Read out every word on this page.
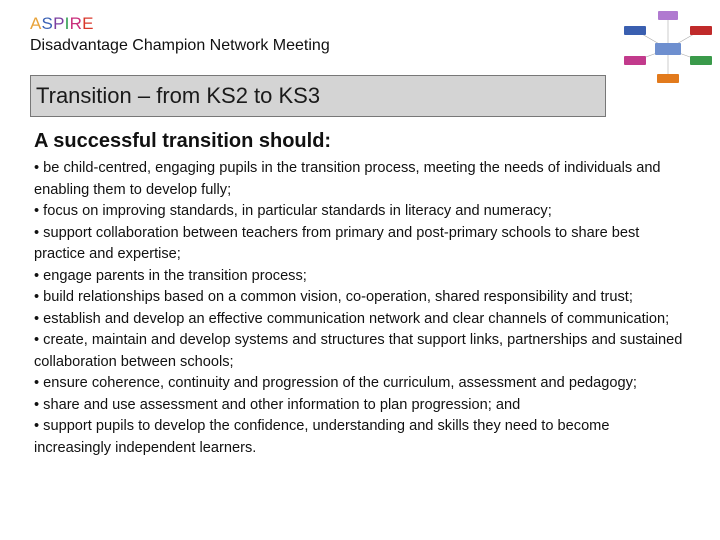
ASPIRE
Disadvantage Champion Network Meeting
Transition – from KS2 to KS3
A successful transition should:
• be child-centred, engaging pupils in the transition process, meeting the needs of individuals and enabling them to develop fully;
• focus on improving standards, in particular standards in literacy and numeracy;
• support collaboration between teachers from primary and post-primary schools to share best practice and expertise;
• engage parents in the transition process;
• build relationships based on a common vision, co-operation, shared responsibility and trust;
• establish and develop an effective communication network and clear channels of communication;
• create, maintain and develop systems and structures that support links, partnerships and sustained collaboration between schools;
• ensure coherence, continuity and progression of the curriculum, assessment and pedagogy;
• share and use assessment and other information to plan progression; and
• support pupils to develop the confidence, understanding and skills they need to become increasingly independent learners.
